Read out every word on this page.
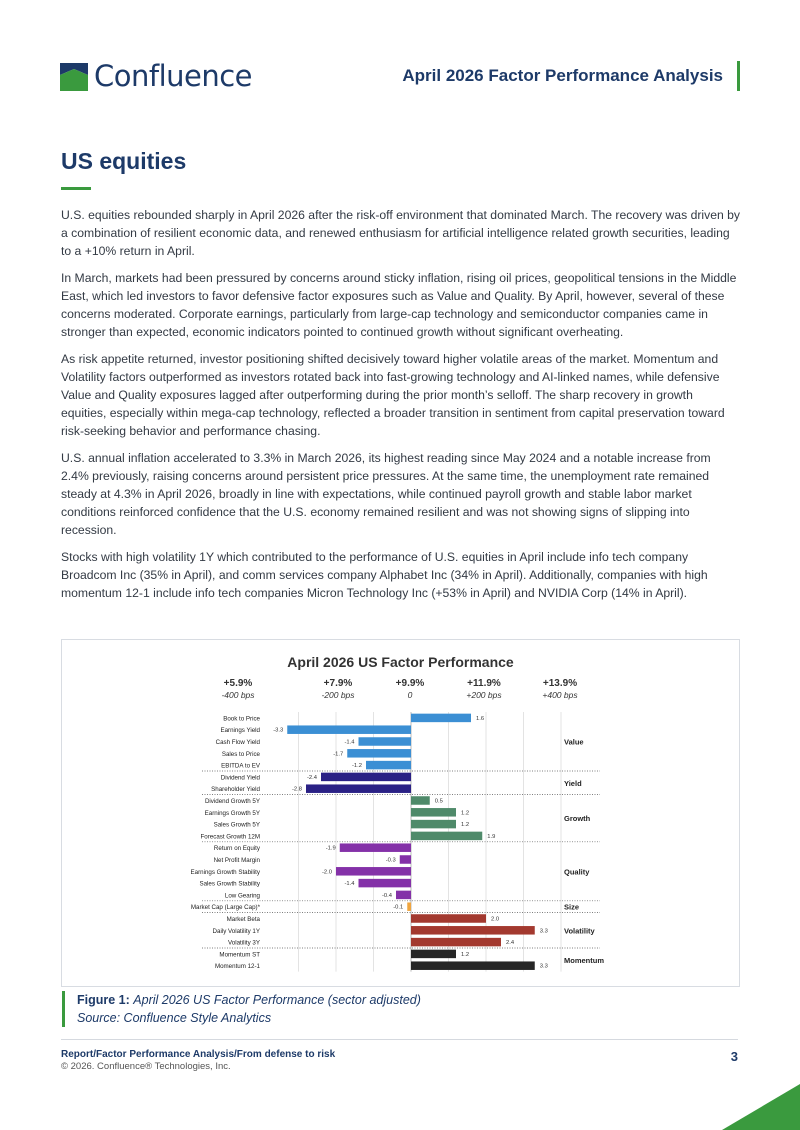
Confluence	April 2026 Factor Performance Analysis
US equities

U.S. equities rebounded sharply in April 2026 after the risk-off environment that dominated March. The recovery was driven by a combination of resilient economic data, and renewed enthusiasm for artificial intelligence related growth securities, leading to a +10% return in April.

In March, markets had been pressured by concerns around sticky inflation, rising oil prices, geopolitical tensions in the Middle East, which led investors to favor defensive factor exposures such as Value and Quality. By April, however, several of these concerns moderated. Corporate earnings, particularly from large-cap technology and semiconductor companies came in stronger than expected, economic indicators pointed to continued growth without significant overheating.

As risk appetite returned, investor positioning shifted decisively toward higher volatile areas of the market. Momentum and Volatility factors outperformed as investors rotated back into fast-growing technology and AI-linked names, while defensive Value and Quality exposures lagged after outperforming during the prior month’s selloff. The sharp recovery in growth equities, especially within mega-cap technology, reflected a broader transition in sentiment from capital preservation toward risk-seeking behavior and performance chasing.

U.S. annual inflation accelerated to 3.3% in March 2026, its highest reading since May 2024 and a notable increase from 2.4% previously, raising concerns around persistent price pressures. At the same time, the unemployment rate remained steady at 4.3% in April 2026, broadly in line with expectations, while continued payroll growth and stable labor market conditions reinforced confidence that the U.S. economy remained resilient and was not showing signs of slipping into recession.

Stocks with high volatility 1Y which contributed to the performance of U.S. equities in April include info tech company Broadcom Inc (35% in April), and comm services company Alphabet Inc (34% in April). Additionally, companies with high momentum 12-1 include info tech companies Micron Technology Inc (+53% in April) and NVIDIA Corp (14% in April).

April 2026 US Factor Performance
+5.9%
-400 bps
+7.9%
-200 bps
+9.9%
0
+11.9%
+200 bps
+13.9%
+400 bps
Value
Yield
Growth
Quality
Size
Volatility
Momentum
Book to Price	1.6
Earnings Yield -3.3
Cash Flow Yield	-1.4
Sales to Price	-1.7
EBITDA to EV	-1.2
Dividend Yield	-2.4
Shareholder Yield	-2.8
Dividend Growth 5Y	0.5
Earnings Growth 5Y	1.2
Sales Growth 5Y	1.2
Forecast Growth 12M	1.9
Return on Equity	-1.9
Net Profit Margin	-0.3
Earnings Growth Stability	-2.0
Sales Growth Stability	-1.4
Low Gearing	-0.4
Market Cap (Large Cap)*	-0.1
Market Beta	2.0
Daily Volatility 1Y	3.3
Volatility 3Y	2.4
Momentum ST	1.2
Momentum 12-1	3.3
Figure 1: April 2026 US Factor Performance (sector adjusted)
Source: Confluence Style Analytics
Report/Factor Performance Analysis/From defense to risk
© 2026. Confluence® Technologies, Inc.
3
